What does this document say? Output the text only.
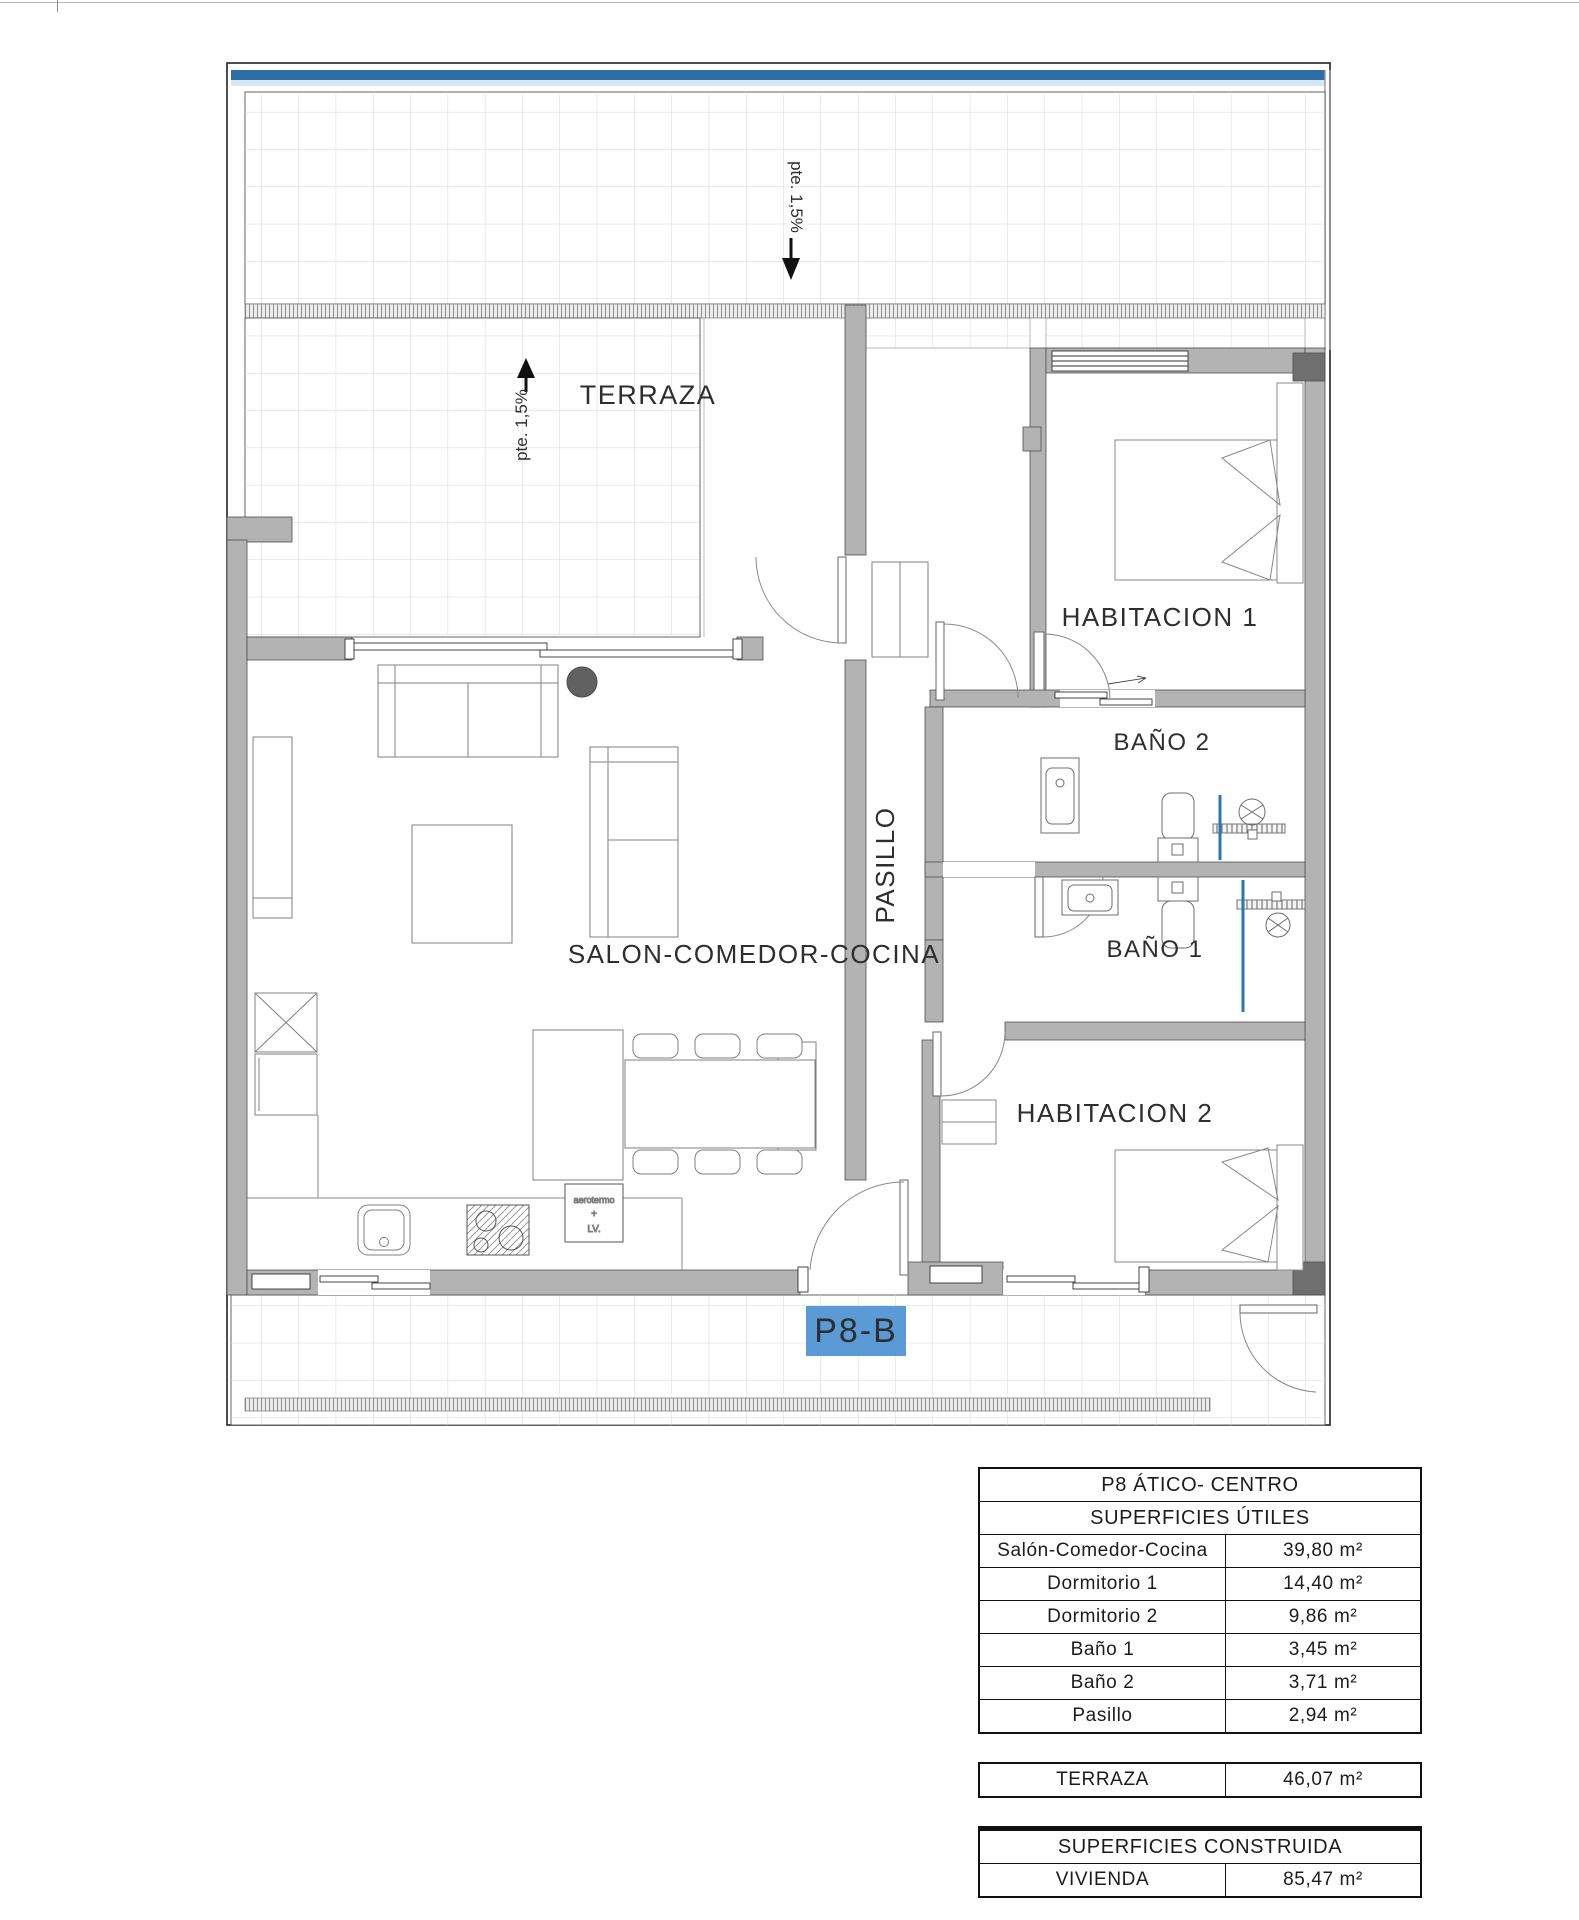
aerotermo
+
LV.
pte. 1,5%
pte. 1,5% TERRAZA
SALON-COMEDOR-COCINA
PASILLO
HABITACION 1
BAÑO 2
BAÑO 1
HABITACION 2
P8-B
P8 ÁTICO- CENTRO
SUPERFICIES ÚTILES
Salón-Comedor-Cocina	39,80 m²
Dormitorio 1	14,40 m²
Dormitorio 2	9,86 m²
Baño 1	3,45 m²
Baño 2	3,71 m²
Pasillo	2,94 m²
TERRAZA	46,07 m²
SUPERFICIES CONSTRUIDA
VIVIENDA	85,47 m²
